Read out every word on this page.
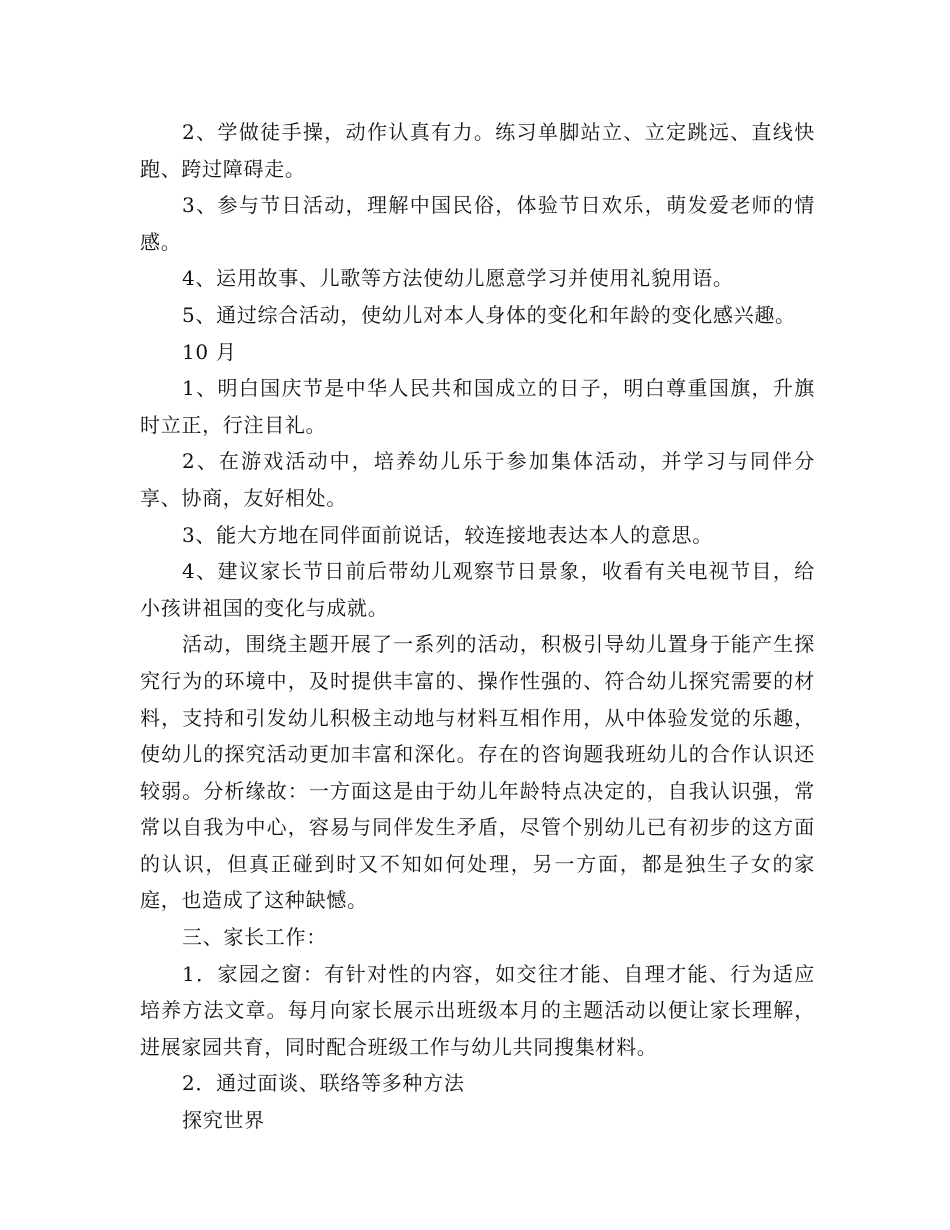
2、学做徒手操，动作认真有力。练习单脚站立、立定跳远、直线快跑、跨过障碍走。

3、参与节日活动，理解中国民俗，体验节日欢乐，萌发爱老师的情感。

4、运用故事、儿歌等方法使幼儿愿意学习并使用礼貌用语。

5、通过综合活动，使幼儿对本人身体的变化和年龄的变化感兴趣。

10 月

1、明白国庆节是中华人民共和国成立的日子，明白尊重国旗，升旗时立正，行注目礼。

2、在游戏活动中，培养幼儿乐于参加集体活动，并学习与同伴分享、协商，友好相处。

3、能大方地在同伴面前说话，较连接地表达本人的意思。

4、建议家长节日前后带幼儿观察节日景象，收看有关电视节目，给小孩讲祖国的变化与成就。

活动，围绕主题开展了一系列的活动，积极引导幼儿置身于能产生探究行为的环境中，及时提供丰富的、操作性强的、符合幼儿探究需要的材料，支持和引发幼儿积极主动地与材料互相作用，从中体验发觉的乐趣，使幼儿的探究活动更加丰富和深化。存在的咨询题我班幼儿的合作认识还较弱。分析缘故：一方面这是由于幼儿年龄特点决定的，自我认识强，常常以自我为中心，容易与同伴发生矛盾，尽管个别幼儿已有初步的这方面的认识，但真正碰到时又不知如何处理，另一方面，都是独生子女的家庭，也造成了这种缺憾。

三、家长工作：

1．家园之窗：有针对性的内容，如交往才能、自理才能、行为适应培养方法文章。每月向家长展示出班级本月的主题活动以便让家长理解，进展家园共育，同时配合班级工作与幼儿共同搜集材料。

2．通过面谈、联络等多种方法

探究世界
